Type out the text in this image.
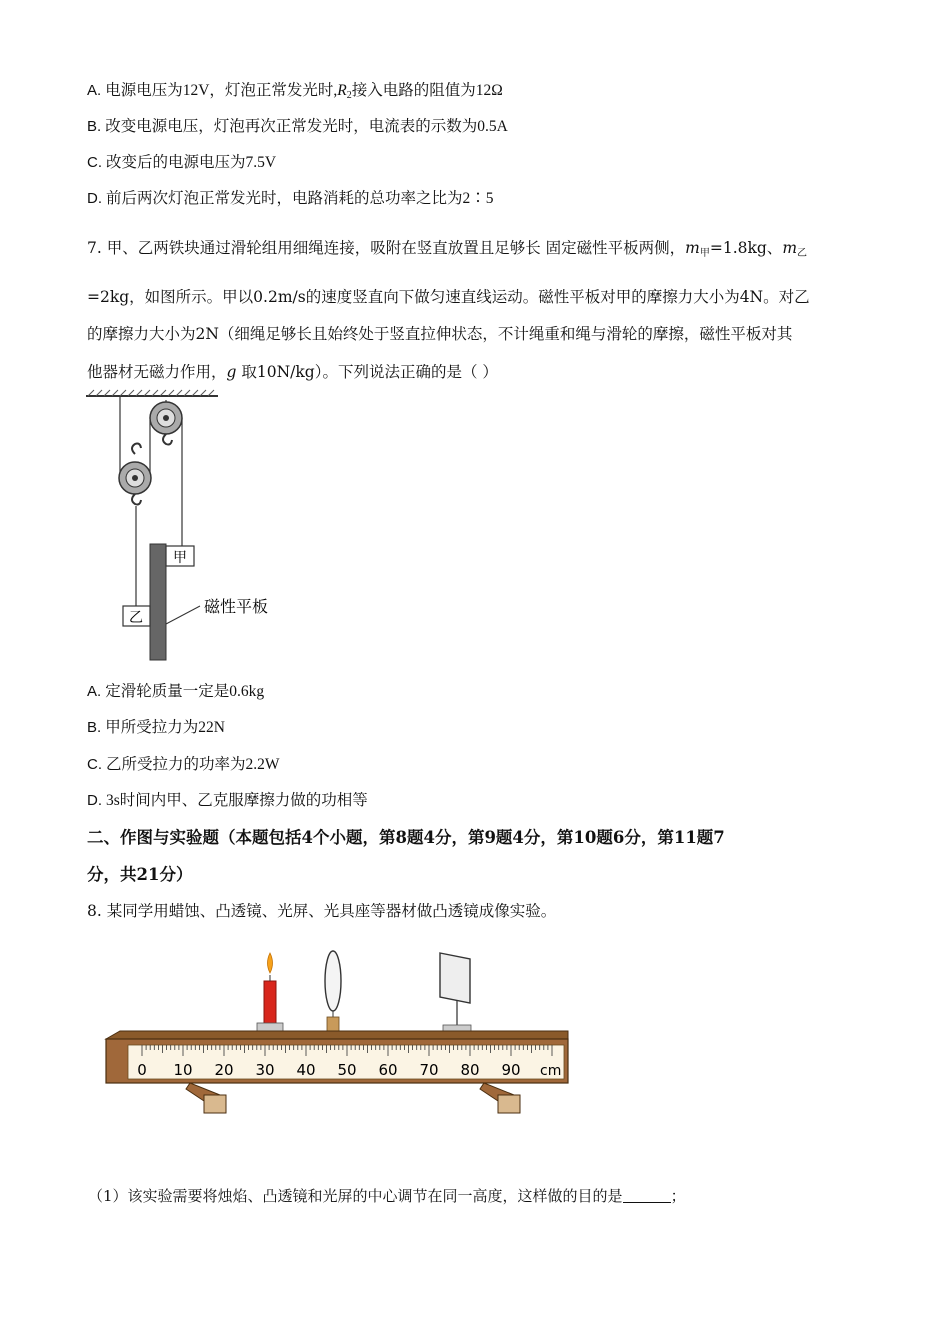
A. 电源电压为12V，灯泡正常发光时$,R_2$接入电路的阻值为12Ω
B. 改变电源电压，灯泡再次正常发光时，电流表的示数为0.5A
C. 改变后的电源电压为7.5V
D. 前后两次灯泡正常发光时，电路消耗的总功率之比为2∶5
7. 甲、乙两铁块通过滑轮组用细绳连接，吸附在竖直放置且足够长 固定磁性平板两侧，$m_甲=1.8kg$、$m_乙$
=2kg，如图所示。甲以0.2m/s的速度竖直向下做匀速直线运动。磁性平板对甲的摩擦力大小为4N。对乙
的摩擦力大小为2N（细绳足够长且始终处于竖直拉伸状态，不计绳重和绳与滑轮的摩擦，磁性平板对其
他器材无磁力作用，g 取10N/kg）。下列说法正确的是（ ）
甲
乙
磁性平板
A. 定滑轮质量一定是0.6kg
B. 甲所受拉力为22N
C. 乙所受拉力的功率为2.2W
D. 3s时间内甲、乙克服摩擦力做的功相等
二、作图与实验题（本题包括4个小题，第8题4分，第9题4分，第10题6分，第11题7
分，共21分）
8. 某同学用蜡蚀、凸透镜、光屏、光具座等器材做凸透镜成像实验。
0 10 20 30 40 50 60 70 80 90 cm
（1）该实验需要将烛焰、凸透镜和光屏的中心调节在同一高度，这样做的目的是	；
